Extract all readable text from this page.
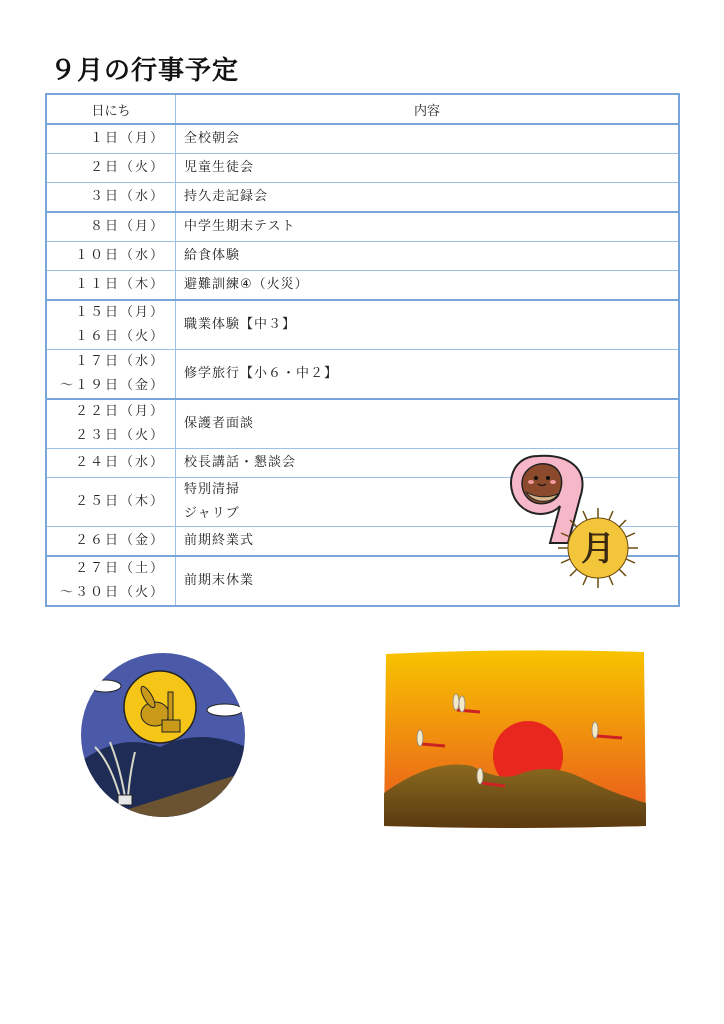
９月の行事予定
日にち	内容

１日（月）	全校朝会

２日（火）	児童生徒会

３日（水）	持久走記録会

８日（月）	中学生期末テスト

１０日（水）	給食体験

１１日（木）	避難訓練④（火災）

１５日（月）
１６日（火）	職業体験【中３】

１７日（水）
～１９日（金）	修学旅行【小６・中２】

２２日（月）
２３日（火）	保護者面談

２４日（水）	校長講話・懇談会

２５日（木）	特別清掃
ジャリブ

２６日（金）	前期終業式

２７日（土）
～３０日（火）	前期末休業
月
